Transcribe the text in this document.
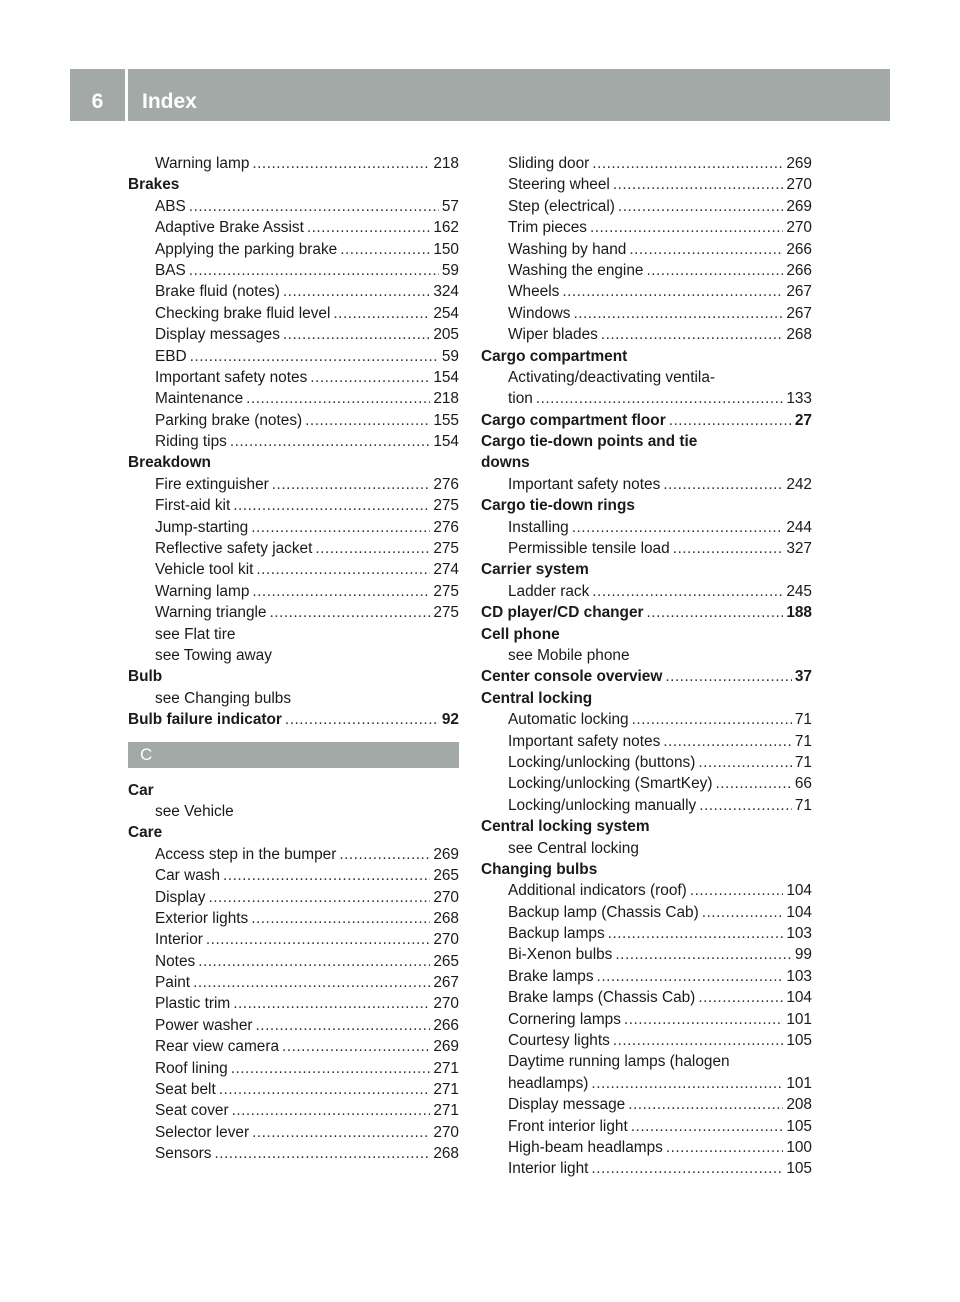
6	Index
Warning lamp .....	218
Brakes
ABS .....	57
Adaptive Brake Assist .....	162
Applying the parking brake .....	150
BAS .....	59
Brake fluid (notes) .....	324
Checking brake fluid level .....	254
Display messages .....	205
EBD .....	59
Important safety notes .....	154
Maintenance .....	218
Parking brake (notes) .....	155
Riding tips .....	154
Breakdown
Fire extinguisher .....	276
First-aid kit .....	275
Jump-starting .....	276
Reflective safety jacket .....	275
Vehicle tool kit .....	274
Warning lamp .....	275
Warning triangle .....	275
see Flat tire
see Towing away
Bulb
see Changing bulbs
Bulb failure indicator .....	92
C
Car
see Vehicle
Care
Access step in the bumper .....	269
Car wash .....	265
Display .....	270
Exterior lights .....	268
Interior .....	270
Notes .....	265
Paint .....	267
Plastic trim .....	270
Power washer .....	266
Rear view camera .....	269
Roof lining .....	271
Seat belt .....	271
Seat cover .....	271
Selector lever .....	270
Sensors .....	268
Sliding door .....	269
Steering wheel .....	270
Step (electrical) .....	269
Trim pieces .....	270
Washing by hand .....	266
Washing the engine .....	266
Wheels .....	267
Windows .....	267
Wiper blades .....	268
Cargo compartment
Activating/deactivating ventila-
tion .....	133
Cargo compartment floor .....	27
Cargo tie-down points and tie
downs
Important safety notes .....	242
Cargo tie-down rings
Installing .....	244
Permissible tensile load .....	327
Carrier system
Ladder rack .....	245
CD player/CD changer .....	188
Cell phone
see Mobile phone
Center console overview .....	37
Central locking
Automatic locking .....	71
Important safety notes .....	71
Locking/unlocking (buttons) .....	71
Locking/unlocking (SmartKey) .....	66
Locking/unlocking manually .....	71
Central locking system
see Central locking
Changing bulbs
Additional indicators (roof) .....	104
Backup lamp (Chassis Cab) .....	104
Backup lamps .....	103
Bi-Xenon bulbs .....	99
Brake lamps .....	103
Brake lamps (Chassis Cab) .....	104
Cornering lamps .....	101
Courtesy lights .....	105
Daytime running lamps (halogen
headlamps) .....	101
Display message .....	208
Front interior light .....	105
High-beam headlamps .....	100
Interior light .....	105
